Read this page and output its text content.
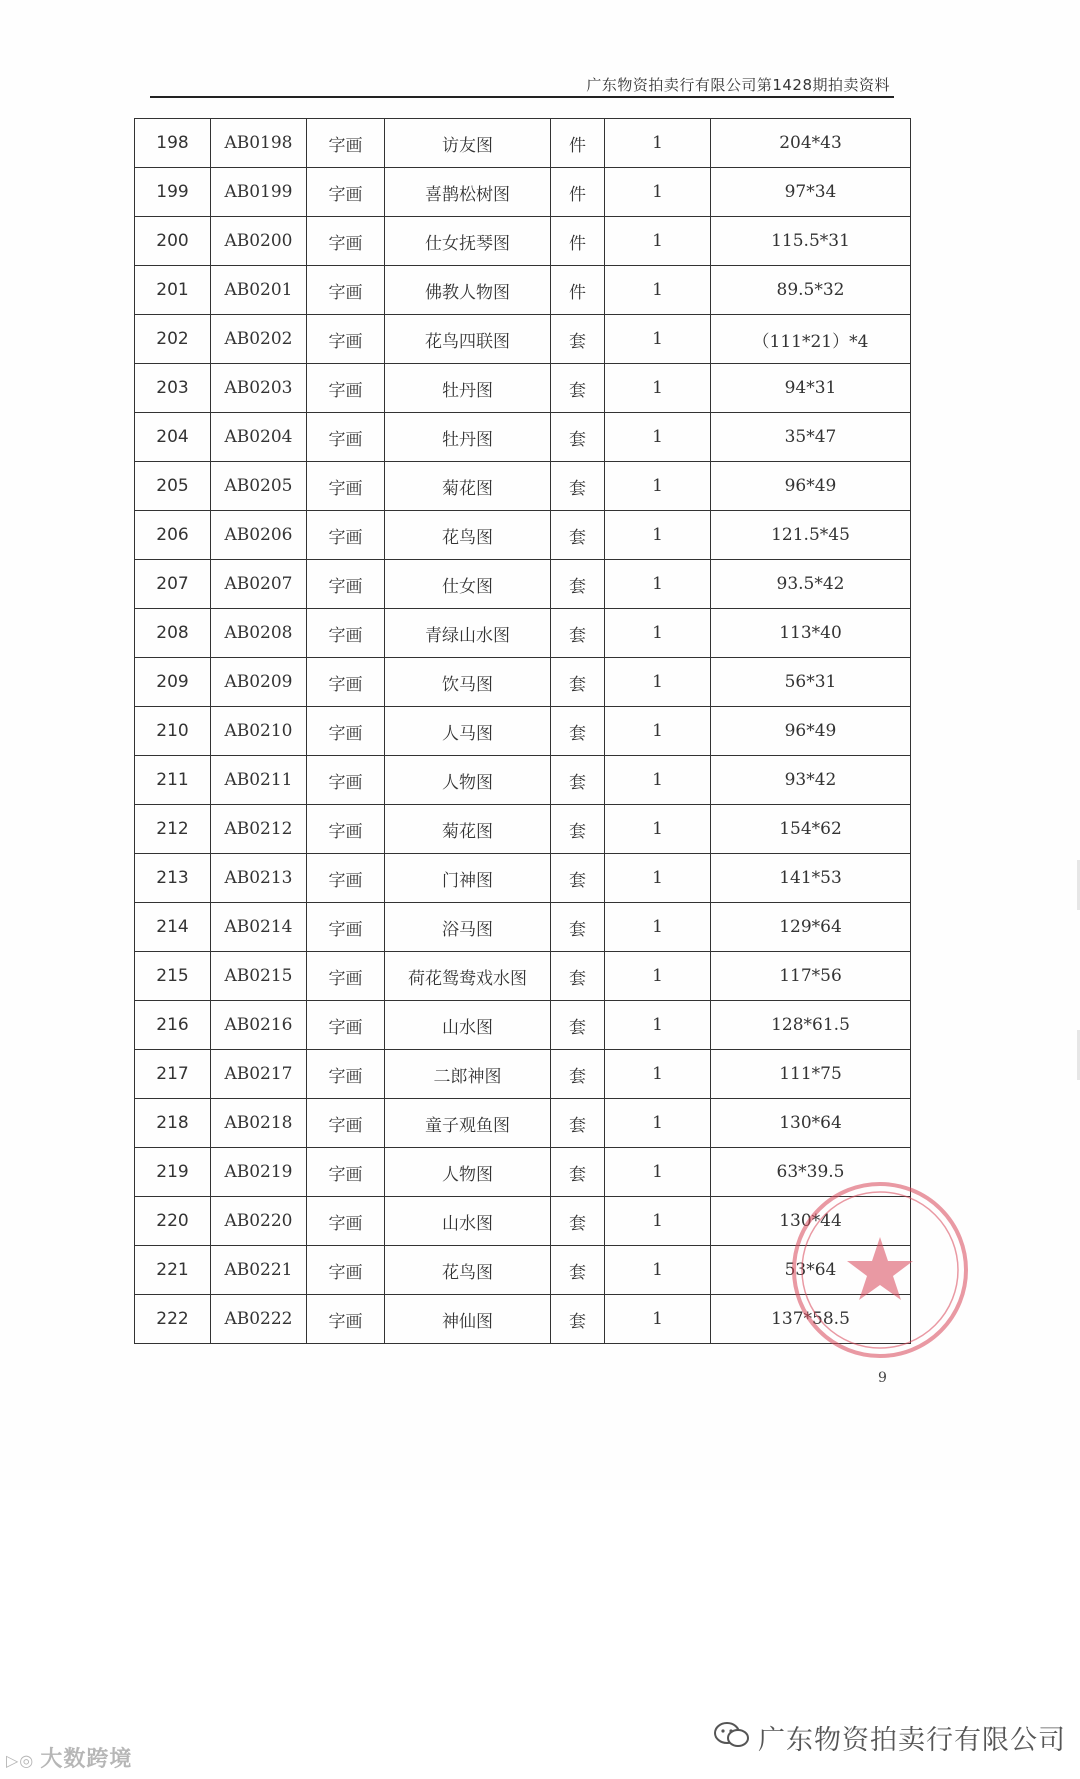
广东物资拍卖行有限公司第1428期拍卖资料
198	AB0198	字画	访友图	件	1	204*43
199	AB0199	字画	喜鹊松树图	件	1	97*34
200	AB0200	字画	仕女抚琴图	件	1	115.5*31
201	AB0201	字画	佛教人物图	件	1	89.5*32
202	AB0202	字画	花鸟四联图	套	1	（111*21）*4
203	AB0203	字画	牡丹图	套	1	94*31
204	AB0204	字画	牡丹图	套	1	35*47
205	AB0205	字画	菊花图	套	1	96*49
206	AB0206	字画	花鸟图	套	1	121.5*45
207	AB0207	字画	仕女图	套	1	93.5*42
208	AB0208	字画	青绿山水图	套	1	113*40
209	AB0209	字画	饮马图	套	1	56*31
210	AB0210	字画	人马图	套	1	96*49
211	AB0211	字画	人物图	套	1	93*42
212	AB0212	字画	菊花图	套	1	154*62
213	AB0213	字画	门神图	套	1	141*53
214	AB0214	字画	浴马图	套	1	129*64
215	AB0215	字画	荷花鸳鸯戏水图	套	1	117*56
216	AB0216	字画	山水图	套	1	128*61.5
217	AB0217	字画	二郎神图	套	1	111*75
218	AB0218	字画	童子观鱼图	套	1	130*64
219	AB0219	字画	人物图	套	1	63*39.5
220	AB0220	字画	山水图	套	1	130*44
221	AB0221	字画	花鸟图	套	1	53*64
222	AB0222	字画	神仙图	套	1	137*58.5
9
▷◎ 大数跨境
广东物资拍卖行有限公司
